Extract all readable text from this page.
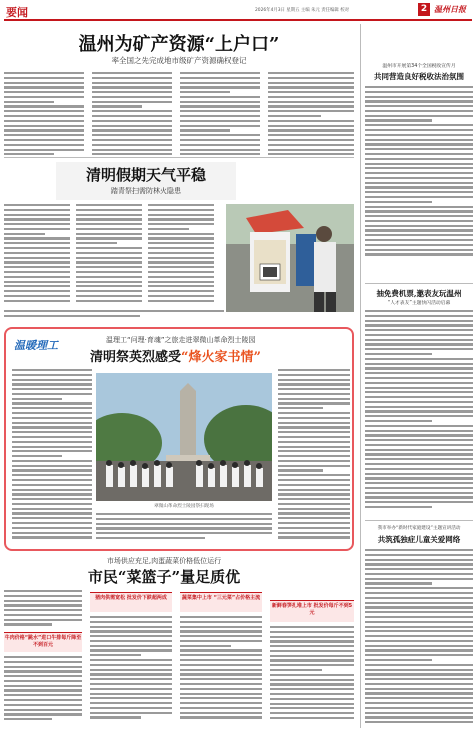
要闻	2026年4月3日 星期五 主编 朱元 责任编辑 校对	2 温州日报
温州为矿产资源“上户口”
率全国之先完成地市级矿产资源确权登记
清明假期天气平稳
踏青祭扫需防林火隐患
温暖理工	温理工“问理·育魂”之旅走进翠微山革命烈士陵园
清明祭英烈感受“烽火家书情”
翠微山革命烈士陵园祭扫现场
市场供应充足,肉蛋蔬菜价格低位运行
市民“菜篮子”量足质优
牛肉价格“跳水”进口牛排每斤降至不到百元
猪肉供需宽松 批发价下跌超两成	蔬菜集中上市 “三元菜”占价格主流
新鲜春笋扎堆上市 批发价每斤不到5元
温州市开展第34个全国税收宣传月
共同营造良好税收法治氛围
抽免费机票,邀表友玩温州
“人才表友”主题快闪活动启幕
我市举办“新时代家庭建设”主题宣讲活动
共筑孤独症儿童关爱网络
